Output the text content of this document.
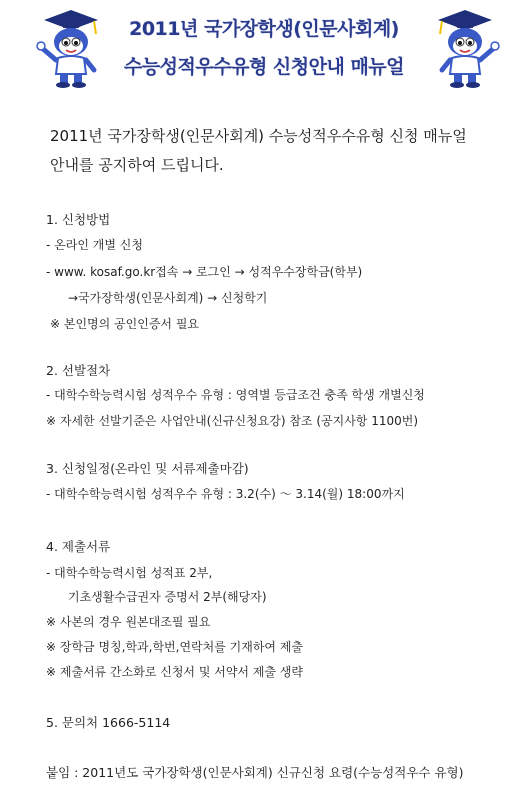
2011년 국가장학생(인문사회계)
수능성적우수유형 신청안내 매뉴얼
2011년 국가장학생(인문사회계) 수능성적우수유형 신청 매뉴얼
안내를 공지하여 드립니다.
1. 신청방법
- 온라인 개별 신청
- www. kosaf.go.kr접속 → 로그인 → 성적우수장학금(학부)
→국가장학생(인문사회계) → 신청학기
※ 본인명의 공인인증서 필요
2. 선발절차
- 대학수학능력시험 성적우수 유형 : 영역별 등급조건 충족 학생 개별신청
※ 자세한 선발기준은 사업안내(신규신청요강) 참조 (공지사항 1100번)
3. 신청일정(온라인 및 서류제출마감)
- 대학수학능력시험 성적우수 유형 : 3.2(수) ～ 3.14(월) 18:00까지
4. 제출서류
- 대학수학능력시험 성적표 2부,
기초생활수급권자 증명서 2부(해당자)
※ 사본의 경우 원본대조필 필요
※ 장학금 명칭,학과,학번,연락처를 기재하여 제출
※ 제출서류 간소화로 신청서 및 서약서 제출 생략
5. 문의처 1666-5114
붙임 : 2011년도 국가장학생(인문사회계) 신규신청 요령(수능성적우수 유형)
